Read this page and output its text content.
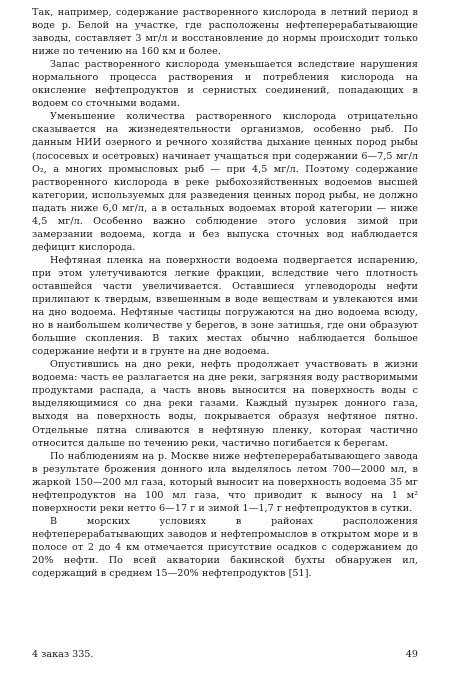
Так, например, содержание растворенного кислорода в летний период в воде р. Белой на участке, где расположены нефтеперерабатывающие заводы, составляет 3 мг/л и восстановление до нормы происходит только ниже по течению на 160 км и более.

Запас растворенного кислорода уменьшается вследствие нарушения нормального процесса растворения и потребления кислорода на окисление нефтепродуктов и сернистых соединений, попадающих в водоем со сточными водами.

Уменьшение количества растворенного кислорода отрицательно сказывается на жизнедеятельности организмов, особенно рыб. По данным НИИ озерного и речного хозяйства дыхание ценных пород рыбы (лососевых и осетровых) начинает учащаться при содержании 6—7,5 мг/л O₂, а многих промысловых рыб — при 4,5 мг/л. Поэтому содержание растворенного кислорода в реке рыбохозяйственных водоемов высшей категории, используемых для разведения ценных пород рыбы, не должно падать ниже 6,0 мг/л, а в остальных водоемах второй категории — ниже 4,5 мг/л. Особенно важно соблюдение этого условия зимой при замерзании водоема, когда и без выпуска сточных вод наблюдается дефицит кислорода.

Нефтяная пленка на поверхности водоема подвергается испарению, при этом улетучиваются легкие фракции, вследствие чего плотность оставшейся части увеличивается. Оставшиеся углеводороды нефти прилипают к твердым, взвешенным в воде веществам и увлекаются ими на дно водоема. Нефтяные частицы погружаются на дно водоема всюду, но в наибольшем количестве у берегов, в зоне затишья, где они образуют большие скопления. В таких местах обычно наблюдается большое содержание нефти и в грунте на дне водоема.

Опустившись на дно реки, нефть продолжает участвовать в жизни водоема: часть ее разлагается на дне реки, загрязняя воду растворимыми продуктами распада, а часть вновь выносится на поверхность воды с выделяющимися со дна реки газами. Каждый пузырек донного газа, выходя на поверхность воды, покрывается образуя нефтяное пятно. Отдельные пятна сливаются в нефтяную пленку, которая частично относится дальше по течению реки, частично погибается к берегам.

По наблюдениям на р. Москве ниже нефтеперерабатывающего завода в результате брожения донного ила выделялось летом 700—2000 мл, в жаркой 150—200 мл газа, который выносит на поверхность водоема 35 мг нефтепродуктов на 100 мл газа, что приводит к выносу на 1 м² поверхности реки нетто 6—17 г и зимой 1—1,7 г нефтепродуктов в сутки.

В морских условиях в районах расположения нефтеперерабатывающих заводов и нефтепромыслов в открытом море и в полосе от 2 до 4 км отмечается присутствие осадков с содержанием до 20% нефти. По всей акватории бакинской бухты обнаружен ил, содержащий в среднем 15—20% нефтепродуктов [51].

4 заказ 335.	49
